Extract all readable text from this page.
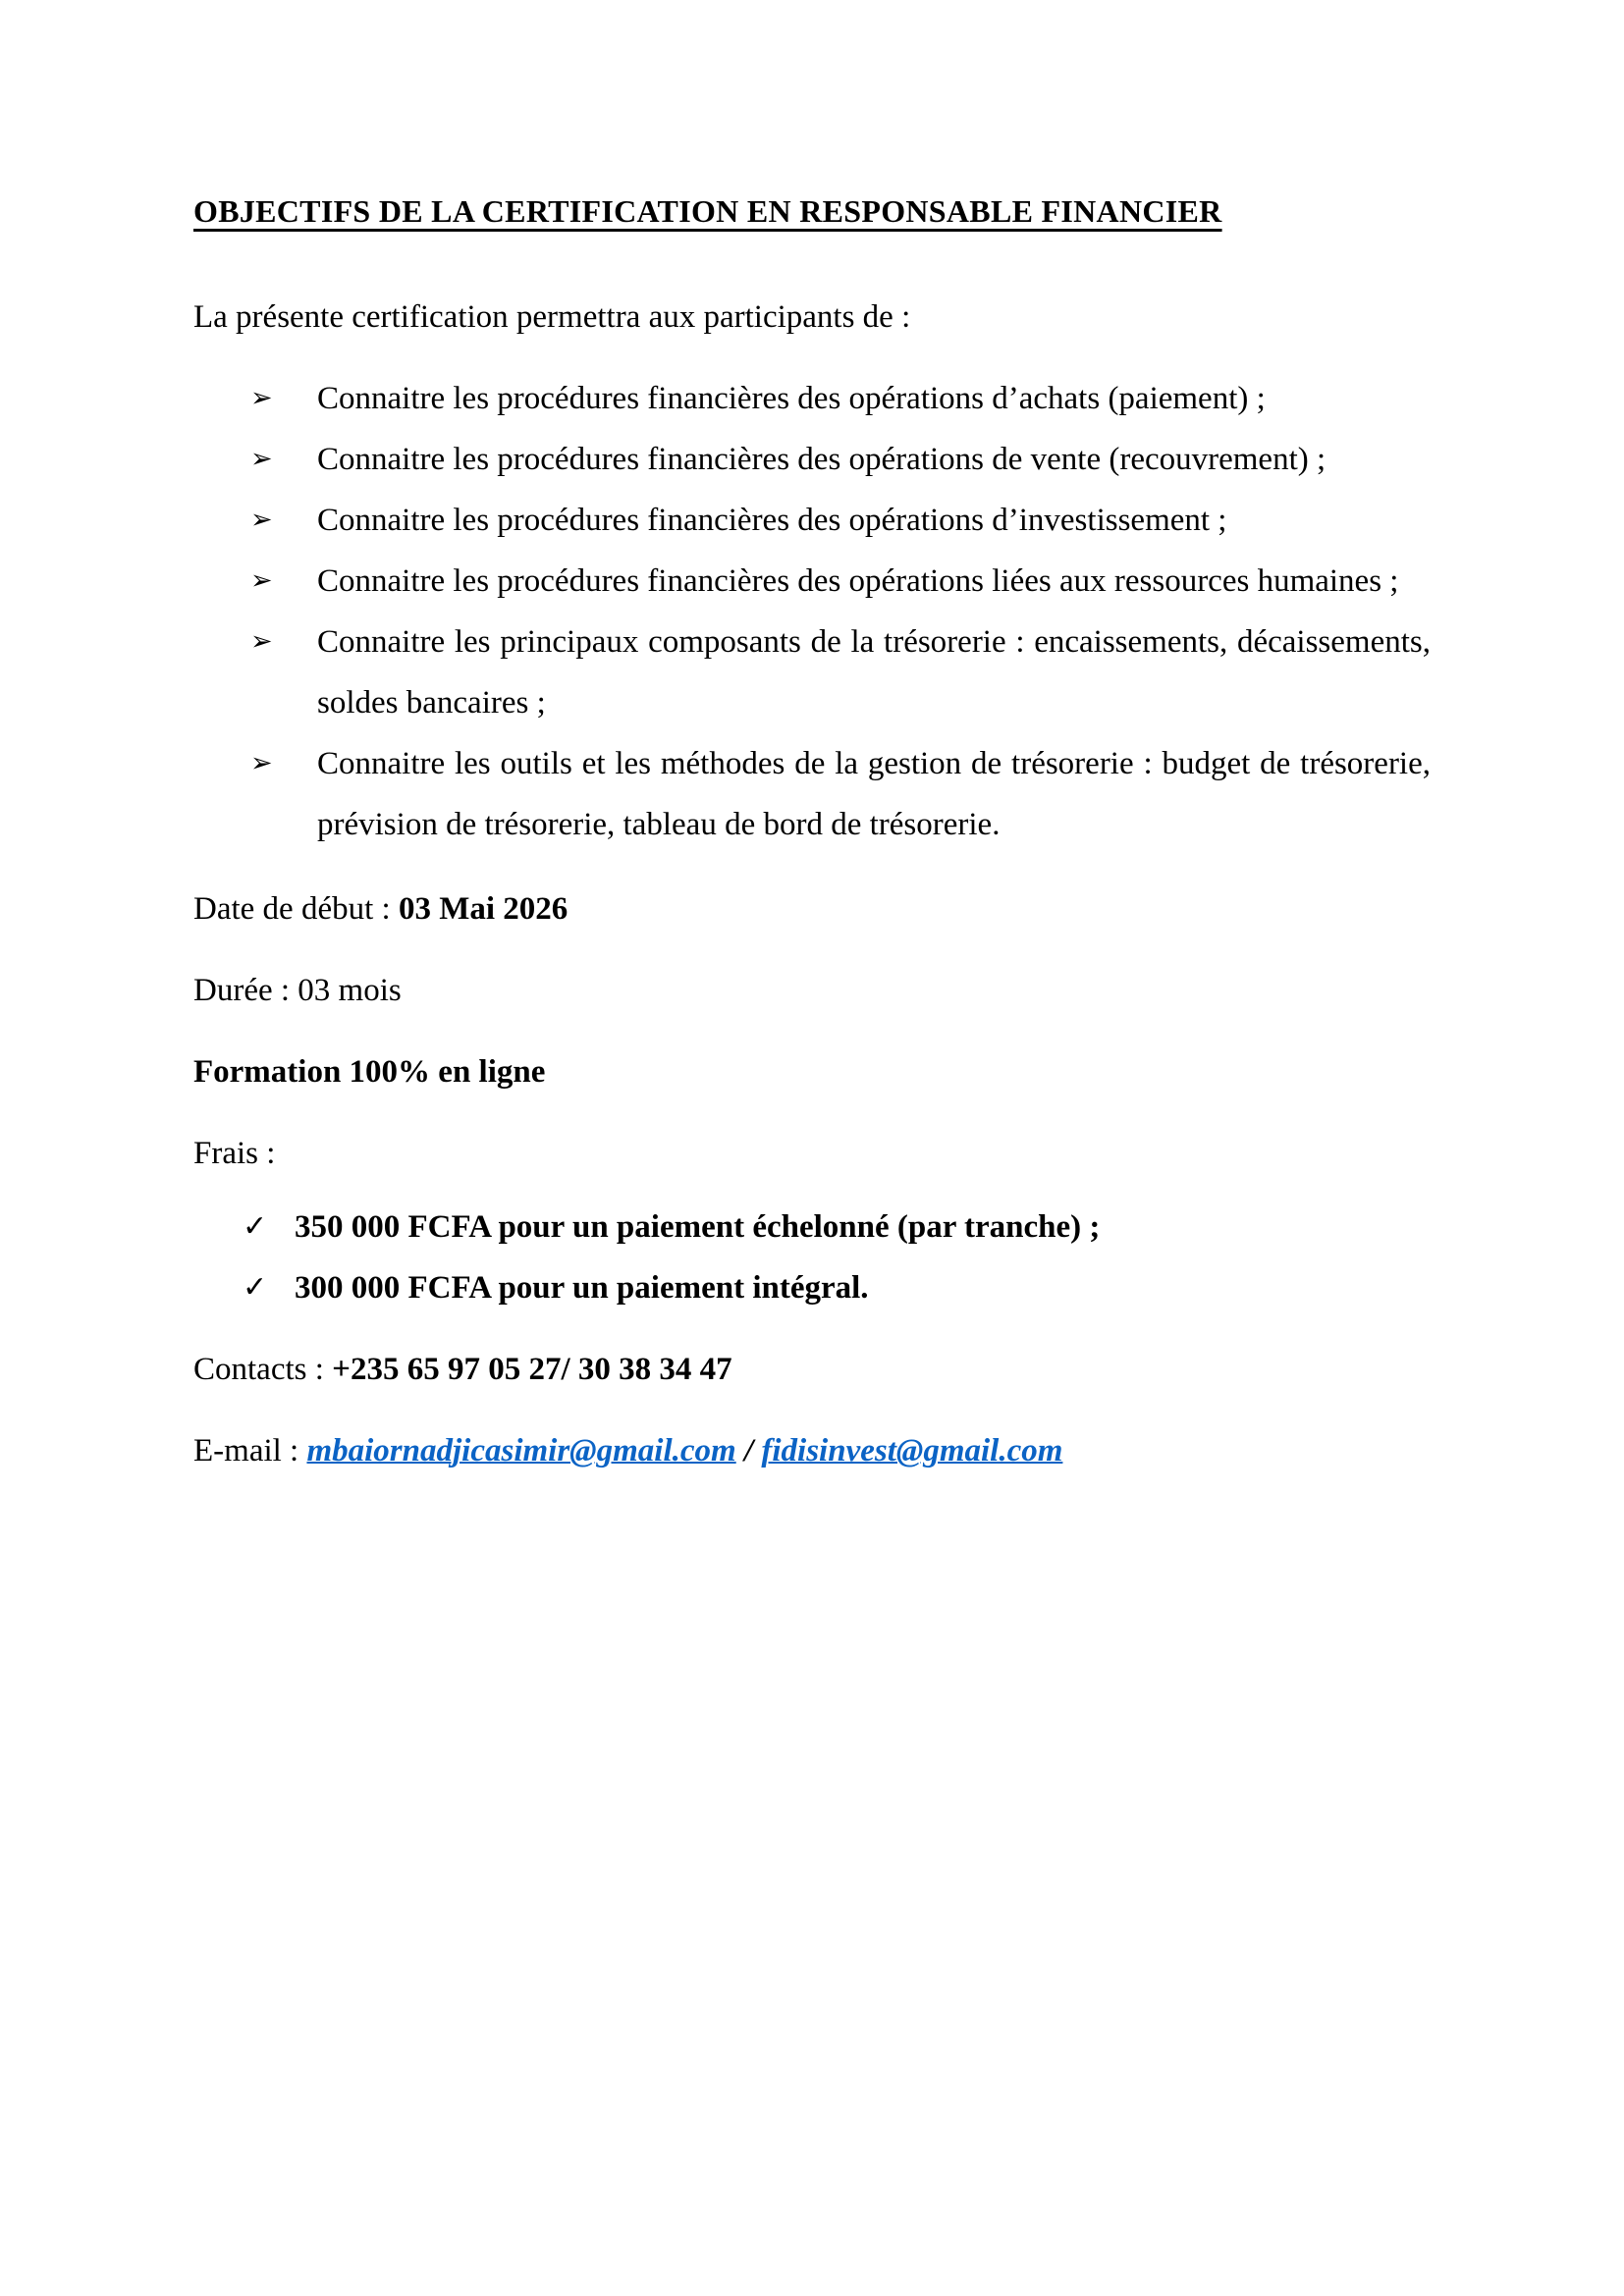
OBJECTIFS DE LA CERTIFICATION EN RESPONSABLE FINANCIER

La présente certification permettra aux participants de :

➢ Connaitre les procédures financières des opérations d’achats (paiement) ;
➢ Connaitre les procédures financières des opérations de vente (recouvrement) ;
➢ Connaitre les procédures financières des opérations d’investissement ;
➢ Connaitre les procédures financières des opérations liées aux ressources humaines ;
➢ Connaitre les principaux composants de la trésorerie : encaissements, décaissements, soldes bancaires ;
➢ Connaitre les outils et les méthodes de la gestion de trésorerie : budget de trésorerie, prévision de trésorerie, tableau de bord de trésorerie.

Date de début : 03 Mai 2026

Durée : 03 mois

Formation 100% en ligne

Frais :

✓ 350 000 FCFA pour un paiement échelonné (par tranche) ;
✓ 300 000 FCFA pour un paiement intégral.

Contacts : +235 65 97 05 27/ 30 38 34 47

E-mail : mbaiornadjicasimir@gmail.com / fidisinvest@gmail.com
